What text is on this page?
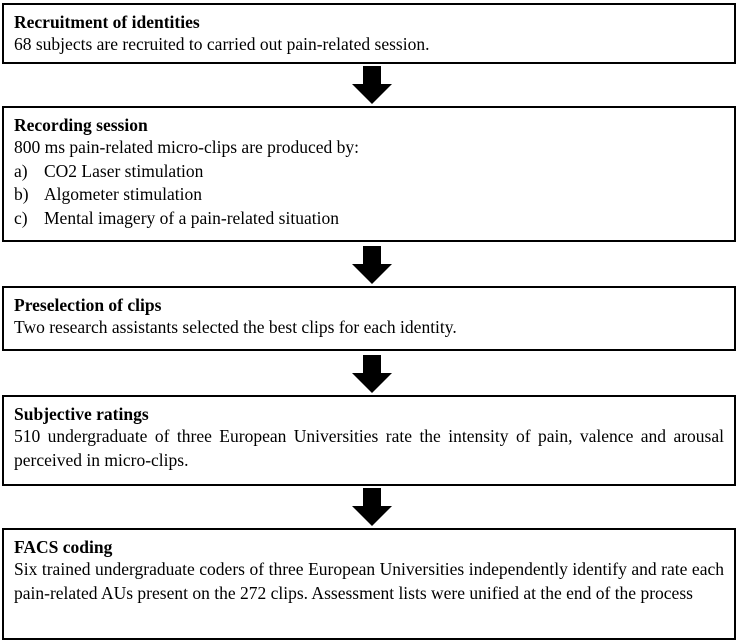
Recruitment of identities

68 subjects are recruited to carried out pain-related session.

Recording session

800 ms pain-related micro-clips are produced by:

a) CO2 Laser stimulation
b) Algometer stimulation
c) Mental imagery of a pain-related situation

Preselection of clips

Two research assistants selected the best clips for each identity.

Subjective ratings

510 undergraduate of three European Universities rate the intensity of pain, valence and arousal perceived in micro-clips.

FACS coding

Six trained undergraduate coders of three European Universities independently identify and rate each pain-related AUs present on the 272 clips. Assessment lists were unified at the end of the process
